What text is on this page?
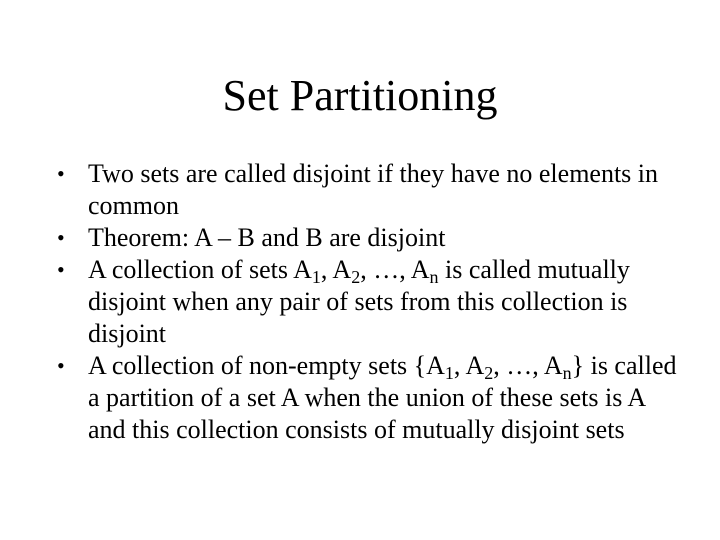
Set Partitioning
• Two sets are called disjoint if they have no elements in common
• Theorem: A – B and B are disjoint
• A collection of sets $A_1$, $A_2$, …, $A_n$ is called mutually disjoint when any pair of sets from this collection is disjoint
• A collection of non-empty sets {$A_1$, $A_2$, …, $A_n$} is called a partition of a set A when the union of these sets is A and this collection consists of mutually disjoint sets
